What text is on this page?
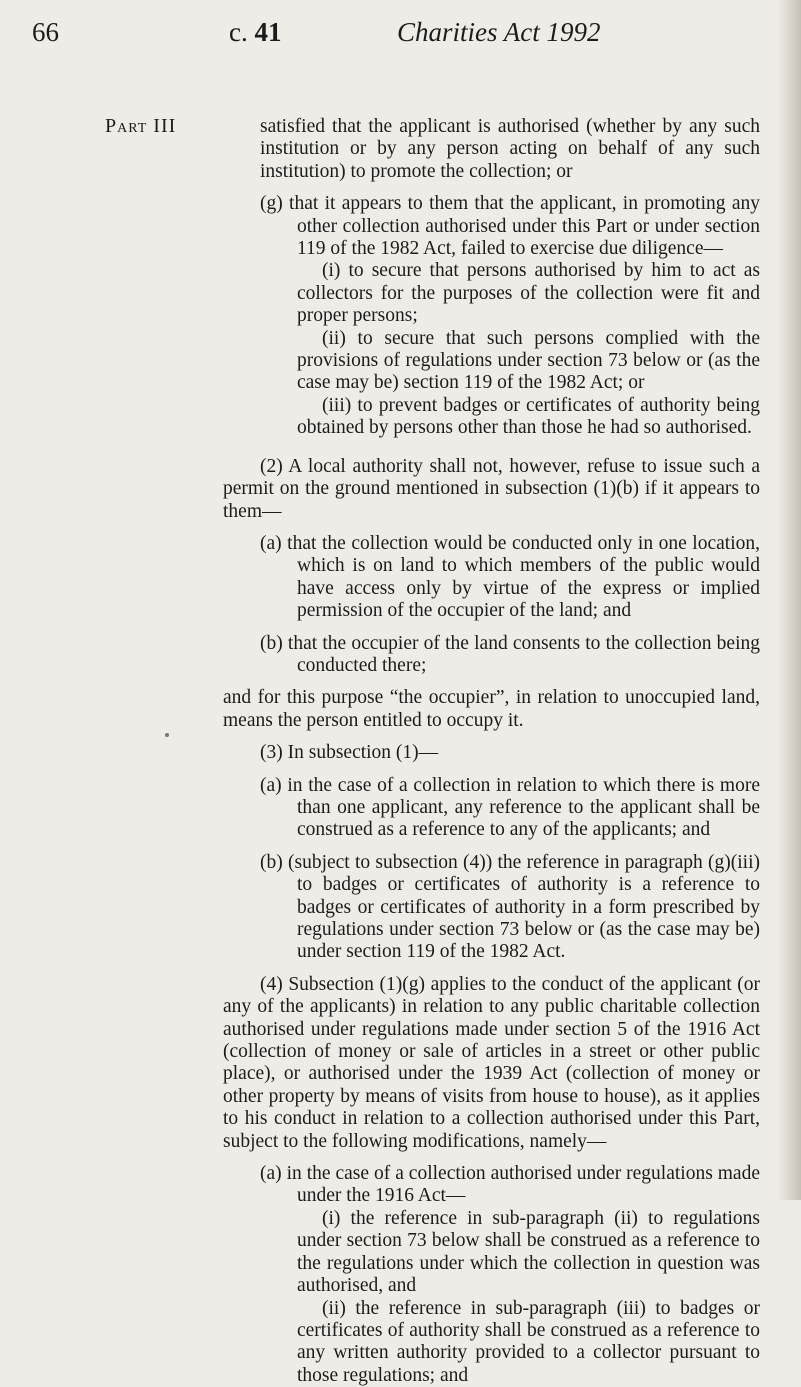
66	c. 41	Charities Act 1992
Part III	satisfied that the applicant is authorised (whether by any such institution or by any person acting on behalf of any such institution) to promote the collection; or

(g) that it appears to them that the applicant, in promoting any other collection authorised under this Part or under section 119 of the 1982 Act, failed to exercise due diligence—

(i) to secure that persons authorised by him to act as collectors for the purposes of the collection were fit and proper persons;

(ii) to secure that such persons complied with the provisions of regulations under section 73 below or (as the case may be) section 119 of the 1982 Act; or

(iii) to prevent badges or certificates of authority being obtained by persons other than those he had so authorised.

(2) A local authority shall not, however, refuse to issue such a permit on the ground mentioned in subsection (1)(b) if it appears to them—

(a) that the collection would be conducted only in one location, which is on land to which members of the public would have access only by virtue of the express or implied permission of the occupier of the land; and

(b) that the occupier of the land consents to the collection being conducted there;

and for this purpose “the occupier”, in relation to unoccupied land, means the person entitled to occupy it.

(3) In subsection (1)—

(a) in the case of a collection in relation to which there is more than one applicant, any reference to the applicant shall be construed as a reference to any of the applicants; and

(b) (subject to subsection (4)) the reference in paragraph (g)(iii) to badges or certificates of authority is a reference to badges or certificates of authority in a form prescribed by regulations under section 73 below or (as the case may be) under section 119 of the 1982 Act.

(4) Subsection (1)(g) applies to the conduct of the applicant (or any of the applicants) in relation to any public charitable collection authorised under regulations made under section 5 of the 1916 Act (collection of money or sale of articles in a street or other public place), or authorised under the 1939 Act (collection of money or other property by means of visits from house to house), as it applies to his conduct in relation to a collection authorised under this Part, subject to the following modifications, namely—

(a) in the case of a collection authorised under regulations made under the 1916 Act—

(i) the reference in sub-paragraph (ii) to regulations under section 73 below shall be construed as a reference to the regulations under which the collection in question was authorised, and

(ii) the reference in sub-paragraph (iii) to badges or certificates of authority shall be construed as a reference to any written authority provided to a collector pursuant to those regulations; and
